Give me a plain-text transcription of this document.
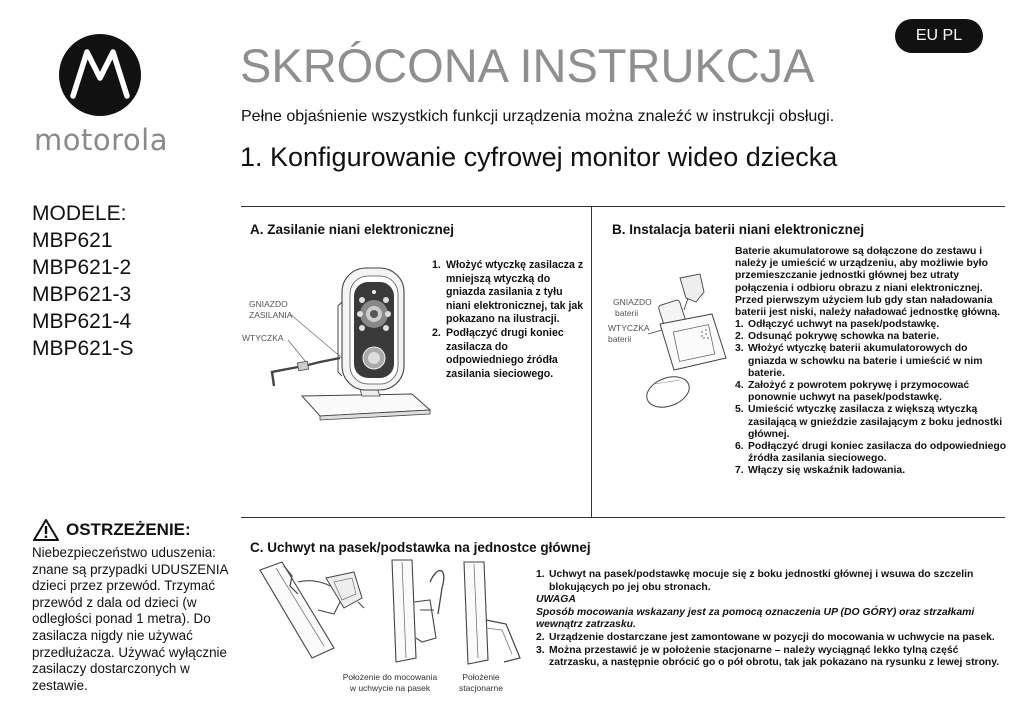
motorola
EU PL
SKRÓCONA INSTRUKCJA
Pełne objaśnienie wszystkich funkcji urządzenia można znaleźć w instrukcji obsługi.
1. Konfigurowanie cyfrowej monitor wideo dziecka
MODELE:
MBP621
MBP621-2
MBP621-3
MBP621-4
MBP621-S
A. Zasilanie niani elektronicznej
GNIAZDO
ZASILANIA
WTYCZKA
1. Włożyć wtyczkę zasilacza z mniejszą wtyczką do gniazda zasilania z tyłu niani elektronicznej, tak jak pokazano na ilustracji.
2. Podłączyć drugi koniec zasilacza do odpowiedniego źródła zasilania sieciowego.
B. Instalacja baterii niani elektronicznej
GNIAZDO
baterii
WTYCZKA
baterii
Baterie akumulatorowe są dołączone do zestawu i należy je umieścić w urządzeniu, aby możliwie było przemieszczanie jednostki głównej bez utraty połączenia i odbioru obrazu z niani elektronicznej. Przed pierwszym użyciem lub gdy stan naładowania baterii jest niski, należy naładować jednostkę główną.
1. Odłączyć uchwyt na pasek/podstawkę.
2. Odsunąć pokrywę schowka na baterie.
3. Włożyć wtyczkę baterii akumulatorowych do gniazda w schowku na baterie i umieścić w nim baterie.
4. Założyć z powrotem pokrywę i przymocować ponownie uchwyt na pasek/podstawkę.
5. Umieścić wtyczkę zasilacza z większą wtyczką zasilającą w gnieździe zasilającym z boku jednostki głównej.
6. Podłączyć drugi koniec zasilacza do odpowiedniego źródła zasilania sieciowego.
7. Włączy się wskaźnik ładowania.
OSTRZEŻENIE:
Niebezpieczeństwo uduszenia: znane są przypadki UDUSZENIA dzieci przez przewód. Trzymać przewód z dala od dzieci (w odległości ponad 1 metra). Do zasilacza nigdy nie używać przedłużacza. Używać wyłącznie zasilaczy dostarczonych w zestawie.
C. Uchwyt na pasek/podstawka na jednostce głównej
Położenie do mocowania
w uchwycie na pasek
Położenie
stacjonarne
1. Uchwyt na pasek/podstawkę mocuje się z boku jednostki głównej i wsuwa do szczelin blokujących po jej obu stronach.
UWAGA
Sposób mocowania wskazany jest za pomocą oznaczenia UP (DO GÓRY) oraz strzałkami wewnątrz zatrzasku.
2. Urządzenie dostarczane jest zamontowane w pozycji do mocowania w uchwycie na pasek.
3. Można przestawić je w położenie stacjonarne – należy wyciągnąć lekko tylną część zatrzasku, a następnie obrócić go o pół obrotu, tak jak pokazano na rysunku z lewej strony.
